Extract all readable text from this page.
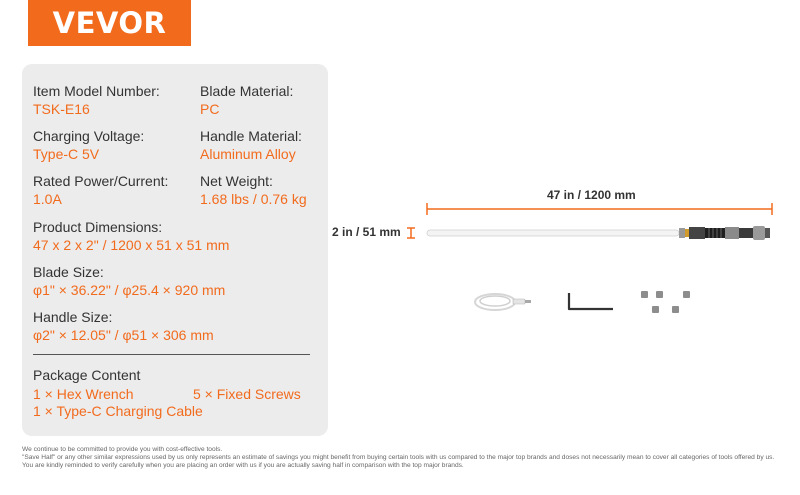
VEVOR
Item Model Number:
TSK-E16
Blade Material:
PC
Charging Voltage:
Type-C 5V
Handle Material:
Aluminum Alloy
Rated Power/Current:
1.0A
Net Weight:
1.68 lbs / 0.76 kg
Product Dimensions:
47 x 2 x 2" / 1200 x 51 x 51 mm
Blade Size:
φ1" × 36.22" / φ25.4 × 920 mm
Handle Size:
φ2" × 12.05" / φ51 × 306 mm
Package Content
1 × Hex Wrench	5 × Fixed Screws
1 × Type-C Charging Cable
47 in / 1200 mm
2 in / 51 mm
We continue to be committed to provide you with cost-effective tools.
"Save Half" or any other similar expressions used by us only represents an estimate of savings you might benefit from buying certain tools with us compared to the major top brands and doses not necessarily mean to cover all categories of tools offered by us.
You are kindly reminded to verify carefully when you are placing an order with us if you are actually saving half in comparison with the top major brands.
